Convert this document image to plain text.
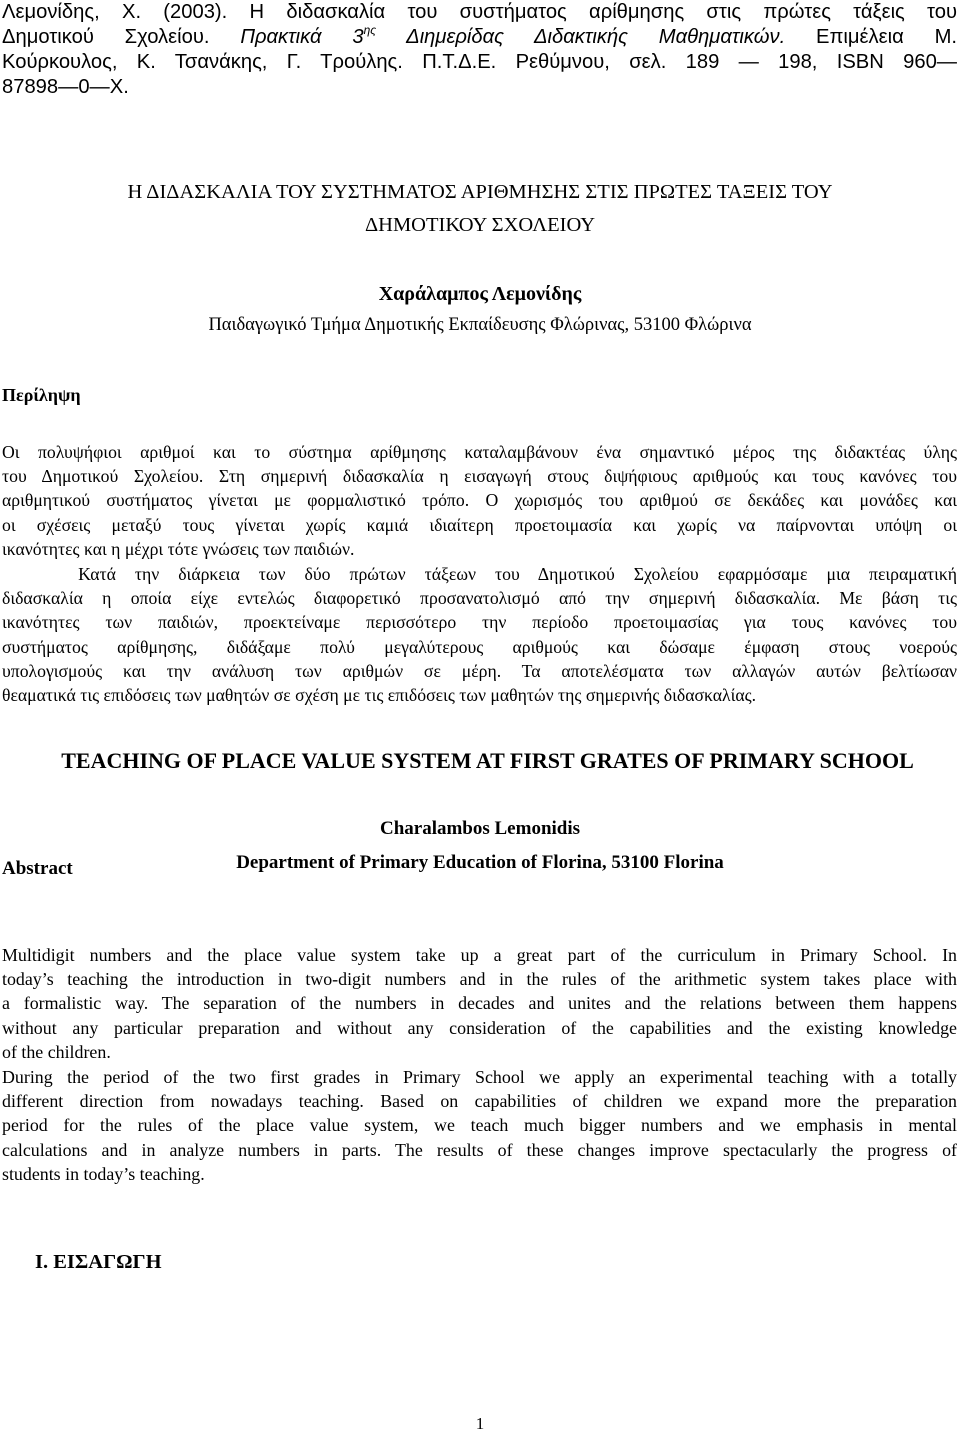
Λεμονίδης, Χ. (2003). Η διδασκαλία του συστήματος αρίθμησης στις πρώτες τάξεις του
Δημοτικού Σχολείου. Πρακτικά $3^{\eta\varsigma}$ Διημερίδας Διδακτικής Μαθηματικών. Επιμέλεια Μ.
Κούρκουλος, Κ. Τσανάκης, Γ. Τρούλης. Π.Τ.Δ.Ε. Ρεθύμνου, σελ. 189 — 198, ISBN 960—
87898—0—Χ.
Η ΔΙΔΑΣΚΑΛΙΑ ΤΟΥ ΣΥΣΤΗΜΑΤΟΣ ΑΡΙΘΜΗΣΗΣ ΣΤΙΣ ΠΡΩΤΕΣ ΤΑΞΕΙΣ ΤΟΥ
ΔΗΜΟΤΙΚΟΥ ΣΧΟΛΕΙΟΥ
Χαράλαμπος Λεμονίδης
Παιδαγωγικό Τμήμα Δημοτικής Εκπαίδευσης Φλώρινας, 53100 Φλώρινα
Περίληψη
Οι πολυψήφιοι αριθμοί και το σύστημα αρίθμησης καταλαμβάνουν ένα σημαντικό μέρος της διδακτέας ύλης
του Δημοτικού Σχολείου. Στη σημερινή διδασκαλία η εισαγωγή στους διψήφιους αριθμούς και τους κανόνες του
αριθμητικού συστήματος γίνεται με φορμαλιστικό τρόπο. Ο χωρισμός του αριθμού σε δεκάδες και μονάδες και
οι σχέσεις μεταξύ τους γίνεται χωρίς καμιά ιδιαίτερη προετοιμασία και χωρίς να παίρνονται υπόψη οι
ικανότητες και η μέχρι τότε γνώσεις των παιδιών.
Κατά την διάρκεια των δύο πρώτων τάξεων του Δημοτικού Σχολείου εφαρμόσαμε μια πειραματική
διδασκαλία η οποία είχε εντελώς διαφορετικό προσανατολισμό από την σημερινή διδασκαλία. Με βάση τις
ικανότητες των παιδιών, προεκτείναμε περισσότερο την περίοδο προετοιμασίας για τους κανόνες του
συστήματος αρίθμησης, διδάξαμε πολύ μεγαλύτερους αριθμούς και δώσαμε έμφαση στους νοερούς
υπολογισμούς και την ανάλυση των αριθμών σε μέρη. Τα αποτελέσματα των αλλαγών αυτών βελτίωσαν
θεαματικά τις επιδόσεις των μαθητών σε σχέση με τις επιδόσεις των μαθητών της σημερινής διδασκαλίας.
TEACHING OF PLACE VALUE SYSTEM AT FIRST GRATES OF PRIMARY SCHOOL
Charalambos Lemonidis
Department of Primary Education of Florina, 53100 Florina
Abstract
Multidigit numbers and the place value system take up a great part of the curriculum in Primary School. In
today’s teaching the introduction in two-digit numbers and in the rules of the arithmetic system takes place with
a formalistic way. The separation of the numbers in decades and unites and the relations between them happens
without any particular preparation and without any consideration of the capabilities and the existing knowledge
of the children.
During the period of the two first grades in Primary School we apply an experimental teaching with a totally
different direction from nowadays teaching. Based on capabilities of children we expand more the preparation
period for the rules of the place value system, we teach much bigger numbers and we emphasis in mental
calculations and in analyze numbers in parts. The results of these changes improve spectacularly the progress of
students in today’s teaching.
Ι. ΕΙΣΑΓΩΓΗ
1
